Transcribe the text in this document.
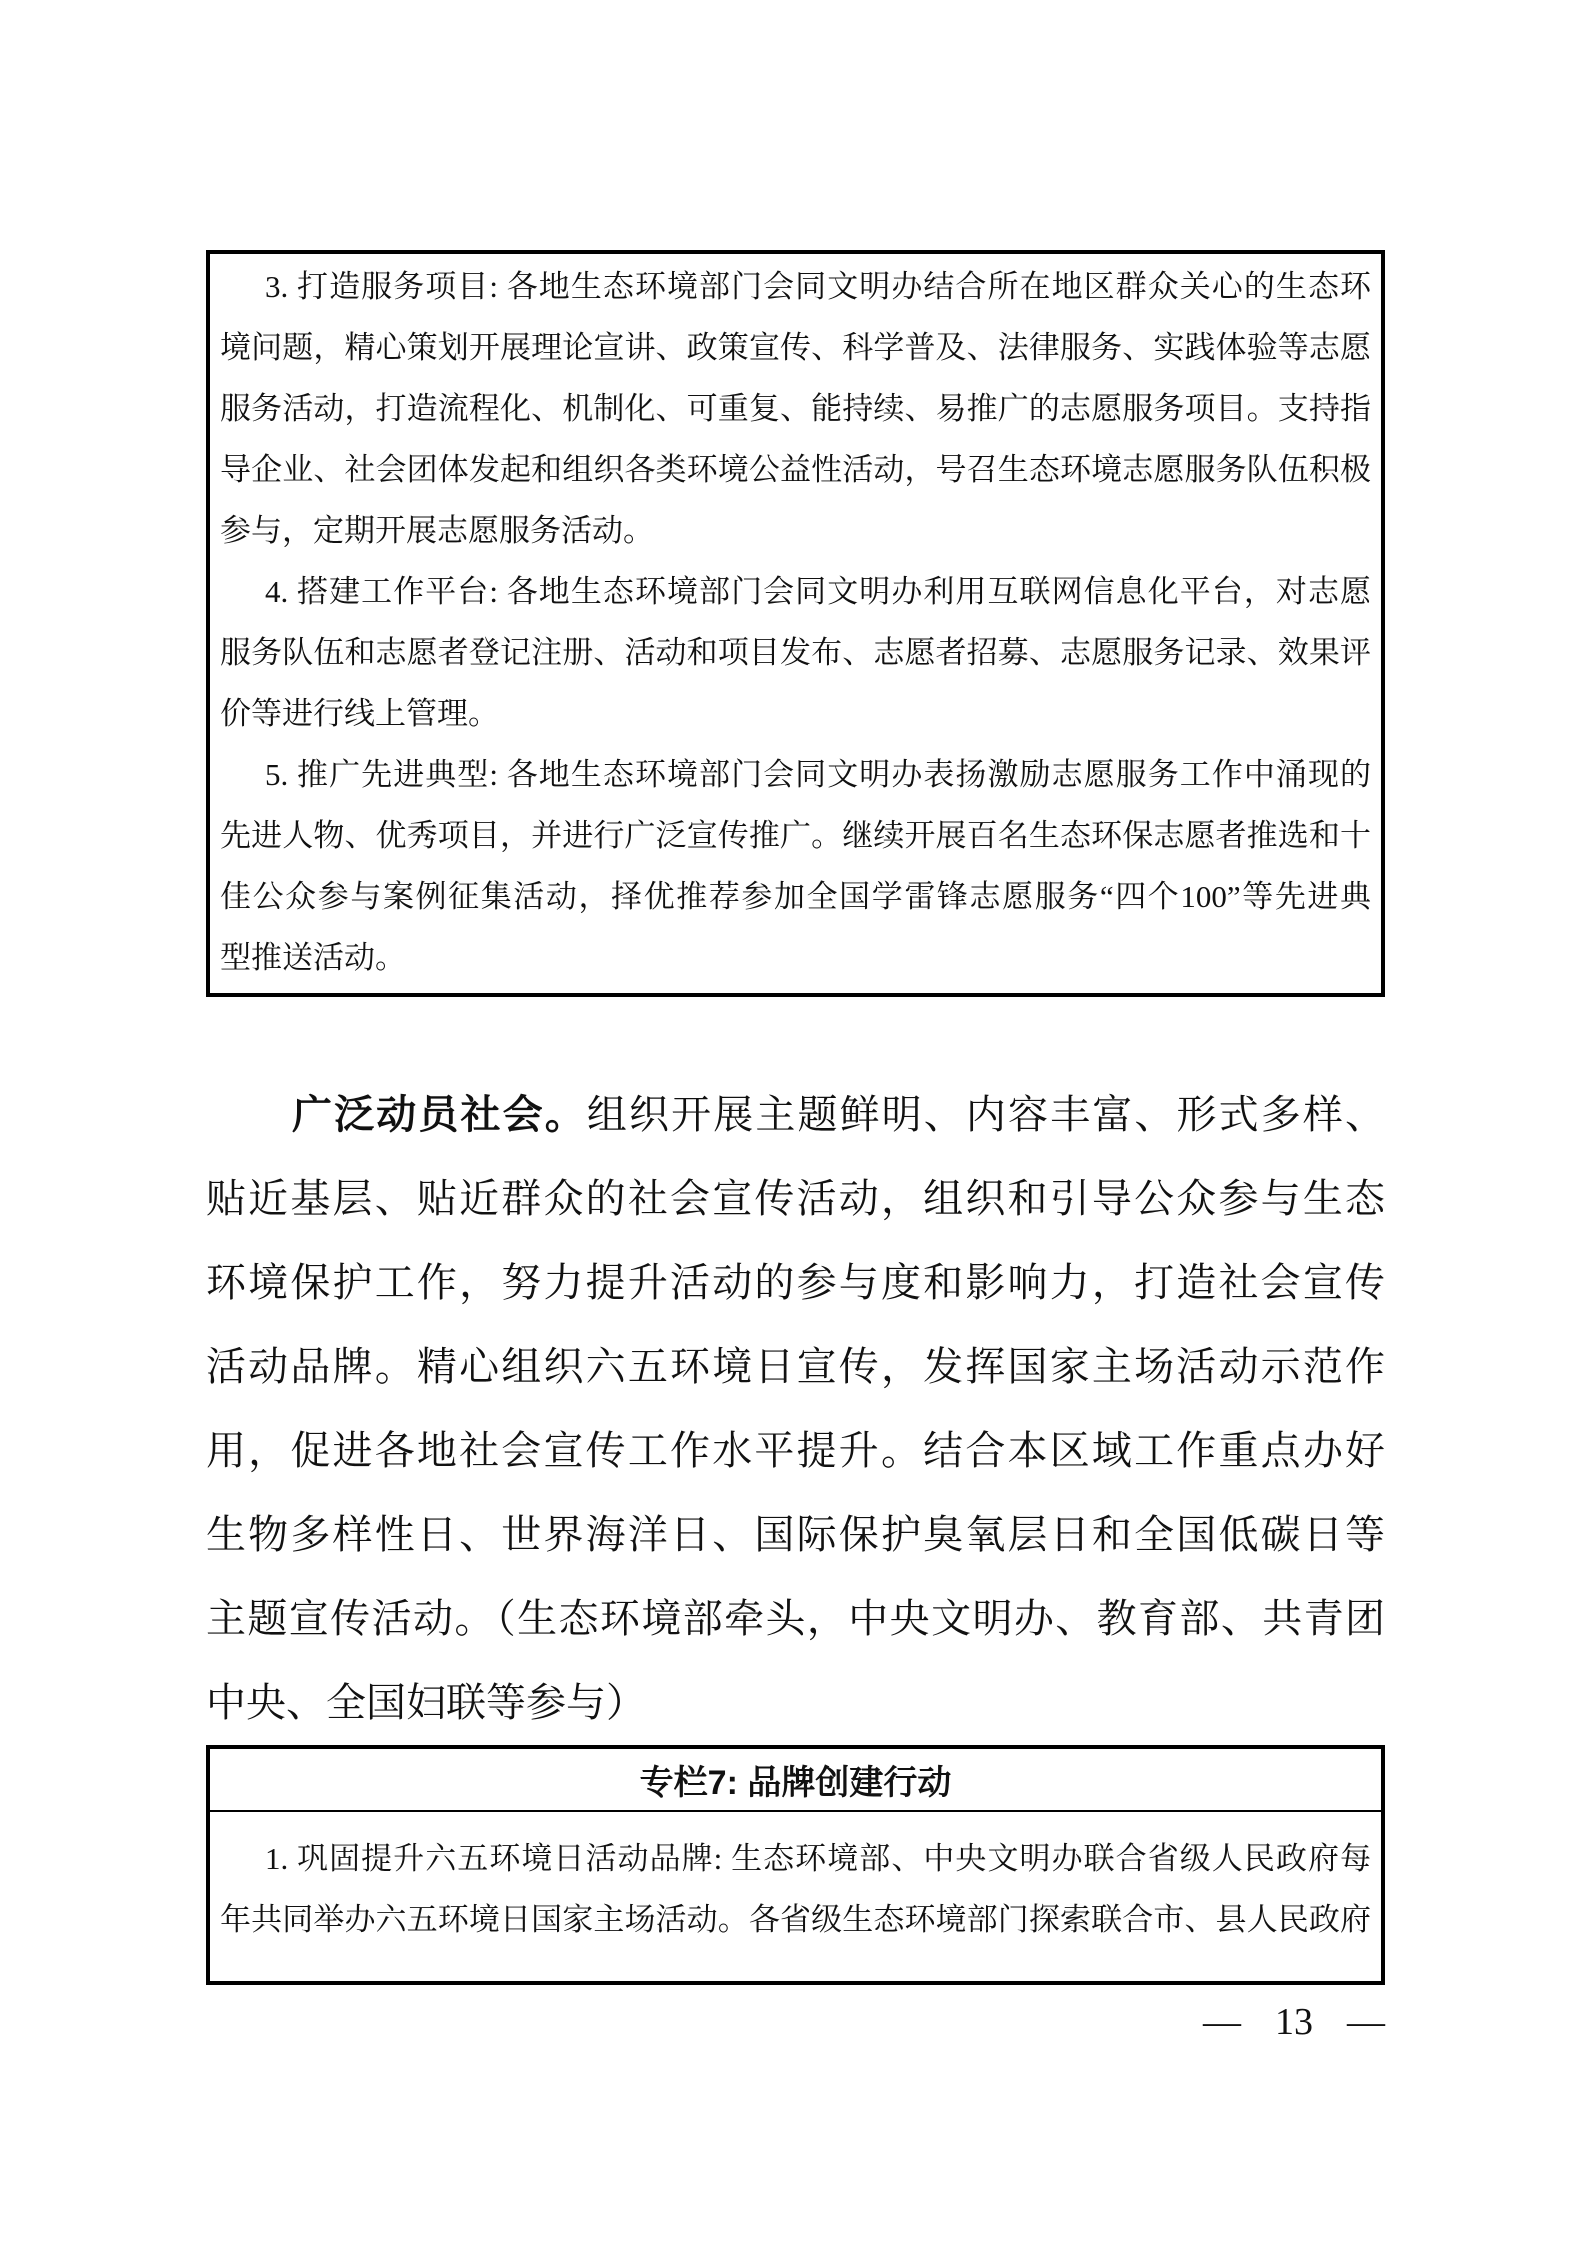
3. 打造服务项目: 各地生态环境部门会同文明办结合所在地区群众关心的生态环
境问题，精心策划开展理论宣讲、政策宣传、科学普及、法律服务、实践体验等志愿
服务活动，打造流程化、机制化、可重复、能持续、易推广的志愿服务项目。支持指
导企业、社会团体发起和组织各类环境公益性活动，号召生态环境志愿服务队伍积极
参与，定期开展志愿服务活动。
4. 搭建工作平台: 各地生态环境部门会同文明办利用互联网信息化平台，对志愿
服务队伍和志愿者登记注册、活动和项目发布、志愿者招募、志愿服务记录、效果评
价等进行线上管理。
5. 推广先进典型: 各地生态环境部门会同文明办表扬激励志愿服务工作中涌现的
先进人物、优秀项目，并进行广泛宣传推广。继续开展百名生态环保志愿者推选和十
佳公众参与案例征集活动，择优推荐参加全国学雷锋志愿服务“四个100”等先进典
型推送活动。
广泛动员社会。组织开展主题鲜明、内容丰富、形式多样、
贴近基层、贴近群众的社会宣传活动，组织和引导公众参与生态
环境保护工作，努力提升活动的参与度和影响力，打造社会宣传
活动品牌。精心组织六五环境日宣传，发挥国家主场活动示范作
用，促进各地社会宣传工作水平提升。结合本区域工作重点办好
生物多样性日、世界海洋日、国际保护臭氧层日和全国低碳日等
主题宣传活动。（生态环境部牵头，中央文明办、教育部、共青团
中央、全国妇联等参与）
专栏7: 品牌创建行动
1. 巩固提升六五环境日活动品牌: 生态环境部、中央文明办联合省级人民政府每
年共同举办六五环境日国家主场活动。各省级生态环境部门探索联合市、县人民政府
— 13 —
